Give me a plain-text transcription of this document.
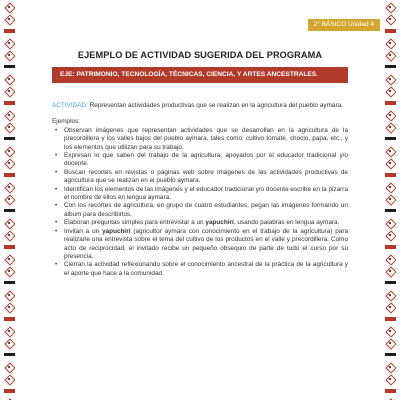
2° BÁSICO Unidad 4
EJEMPLO DE ACTIVIDAD SUGERIDA DEL PROGRAMA
EJE: PATRIMONIO, TECNOLOGÍA, TÉCNICAS, CIENCIA, Y ARTES ANCESTRALES.

ACTIVIDAD: Representan actividades productivas que se realizan en la agricultura del pueblo aymara.

Ejemplos:

• Observan imágenes que representan actividades que se desarrollan en la agricultura de la precordillera y los valles bajos del pueblo aymara, tales como: cultivo tomate, choclo, papa, etc., y los elementos que utilizan para su trabajo.
• Expresan lo que saben del trabajo de la agricultura, apoyados por el educador tradicional y/o docente.
• Buscan recortes en revistas o páginas web sobre imágenes de las actividades productivas de agricultura que se realizan en el pueblo aymara.
• Identifican los elementos de las imágenes y el educador tradicional y/o docente escribe en la pizarra el nombre de ellos en lengua aymara.
• Con los recortes de agricultura, en grupo de cuatro estudiantes, pegan las imágenes formando un álbum para describirlos.
• Elaboran preguntas simples para entrevistar a un yapuchiri, usando palabras en lengua aymara.
• Invitan a un yapuchiri (agricultor aymara con conocimiento en el trabajo de la agricultura) para realizarle una entrevista sobre el tema del cultivo de los productos en el valle y precordillera. Como acto de reciprocidad, el invitado recibe un pequeño obsequio de parte de todo el curso por su presencia.
• Cierran la actividad reflexionando sobre el conocimiento ancestral de la práctica de la agricultura y el aporte que hace a la comunidad.
